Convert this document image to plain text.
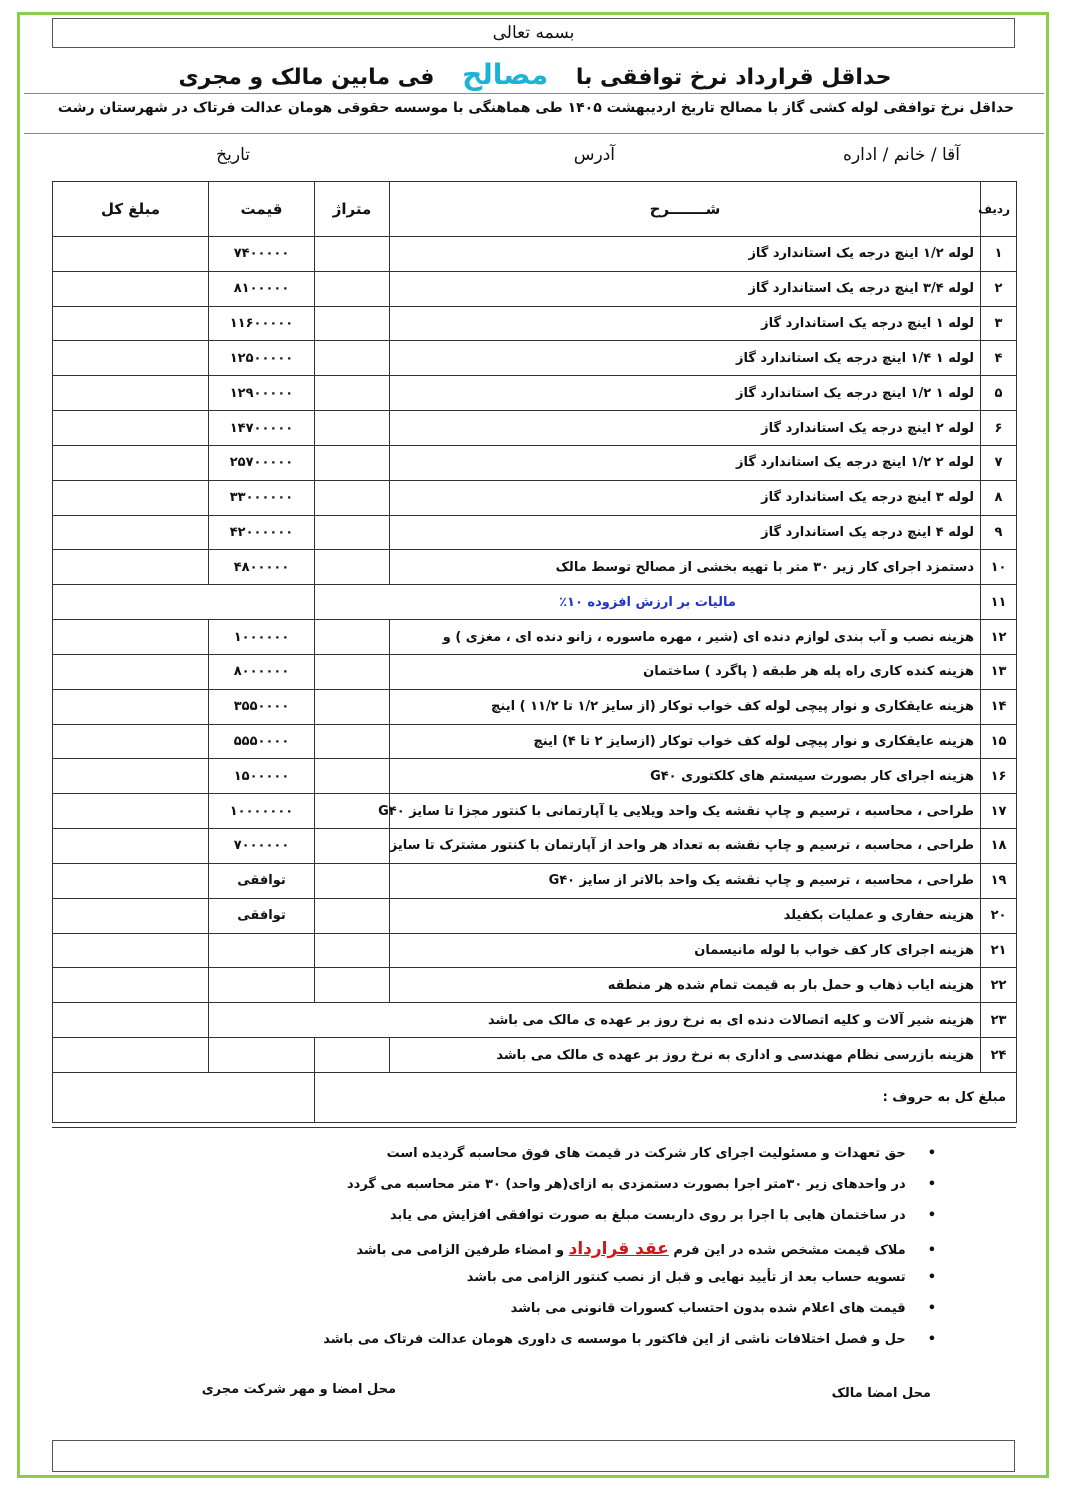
بسمه تعالی
حداقل قرارداد نرخ توافقی با مصالح فی مابین مالک و مجری
حداقل نرخ توافقی لوله کشی گاز با مصالح تاریخ اردیبهشت ۱۴۰۵ طی هماهنگی با موسسه حقوقی هومان عدالت فرتاک در شهرستان رشت
آقا / خانم / اداره
آدرس
تاریخ
ردیف	شـــــــرح	متراژ	قیمت	مبلغ کل
۱	لوله ۱/۲ اینچ درجه یک استاندارد گاز		۷۴۰۰۰۰۰	
۲	لوله ۳/۴ اینچ درجه یک استاندارد گاز		۸۱۰۰۰۰۰	
۳	لوله ۱ اینچ درجه یک استاندارد گاز		۱۱۶۰۰۰۰۰	
۴	لوله ۱ ۱/۴ اینچ درجه یک استاندارد گاز		۱۲۵۰۰۰۰۰	
۵	لوله ۱ ۱/۲ اینچ درجه یک استاندارد گاز		۱۲۹۰۰۰۰۰	
۶	لوله ۲ اینچ درجه یک استاندارد گاز		۱۴۷۰۰۰۰۰	
۷	لوله ۲ ۱/۲ اینچ درجه یک استاندارد گاز		۲۵۷۰۰۰۰۰	
۸	لوله ۳ اینچ درجه یک استاندارد گاز		۳۳۰۰۰۰۰۰	
۹	لوله ۴ اینچ درجه یک استاندارد گاز		۴۲۰۰۰۰۰۰	
۱۰	دستمزد اجرای کار زیر ۳۰ متر با تهیه بخشی از مصالح توسط مالک		۴۸۰۰۰۰۰	
۱۱	مالیات بر ارزش افزوده ۱۰٪			
۱۲	هزینه نصب و آب بندی لوازم دنده ای (شیر ، مهره ماسوره ، زانو دنده ای ، مغزی ) و		۱۰۰۰۰۰۰	
۱۳	هزینه کنده کاری راه پله هر طبقه ( پاگرد ) ساختمان		۸۰۰۰۰۰۰	
۱۴	هزینه عایقکاری و نوار پیچی لوله کف خواب توکار (از سایز ۱/۲ تا ۱۱/۲ ) اینچ		۳۵۵۰۰۰۰	
۱۵	هزینه عایقکاری و نوار پیچی لوله کف خواب توکار (ازسایز ۲ تا ۴) اینچ		۵۵۵۰۰۰۰	
۱۶	هزینه اجرای کار بصورت سیستم های کلکتوری G۴۰		۱۵۰۰۰۰۰	
۱۷	طراحی ، محاسبه ، ترسیم و چاپ نقشه یک واحد ویلایی یا آپارتمانی با کنتور مجزا تا سایز G۴۰		۱۰۰۰۰۰۰۰	
۱۸	طراحی ، محاسبه ، ترسیم و چاپ نقشه به تعداد هر واحد از آپارتمان با کنتور مشترک تا سایز		۷۰۰۰۰۰۰	
۱۹	طراحی ، محاسبه ، ترسیم و چاپ نقشه یک واحد بالاتر از سایز G۴۰		توافقی	
۲۰	هزینه حفاری و عملیات بکفیلد		توافقی	
۲۱	هزینه اجرای کار کف خواب با لوله مانیسمان			
۲۲	هزینه ایاب ذهاب و حمل بار به قیمت تمام شده هر منطقه			
۲۳	هزینه شیر آلات و کلیه اتصالات دنده ای به نرخ روز بر عهده ی مالک می باشد			
۲۴	هزینه بازرسی نظام مهندسی و اداری به نرخ روز بر عهده ی مالک می باشد			
مبلغ کل به حروف :				
•حق تعهدات و مسئولیت اجرای کار شرکت در قیمت های فوق محاسبه گردیده است
•در واحدهای زیر ۳۰متر اجرا بصورت دستمزدی به ازای(هر واحد) ۳۰ متر محاسبه می گردد
•در ساختمان هایی با اجرا بر روی داربست مبلغ به صورت توافقی افزایش می یابد
•ملاک قیمت مشخص شده در این فرم عقد قرارداد و امضاء طرفین الزامی می باشد
•تسویه حساب بعد از تأیید نهایی و قبل از نصب کنتور الزامی می باشد
•قیمت های اعلام شده بدون احتساب کسورات قانونی می باشد
•حل و فصل اختلافات ناشی از این فاکتور با موسسه ی داوری هومان عدالت فرتاک می باشد
محل امضا مالک
محل امضا و مهر شرکت مجری
